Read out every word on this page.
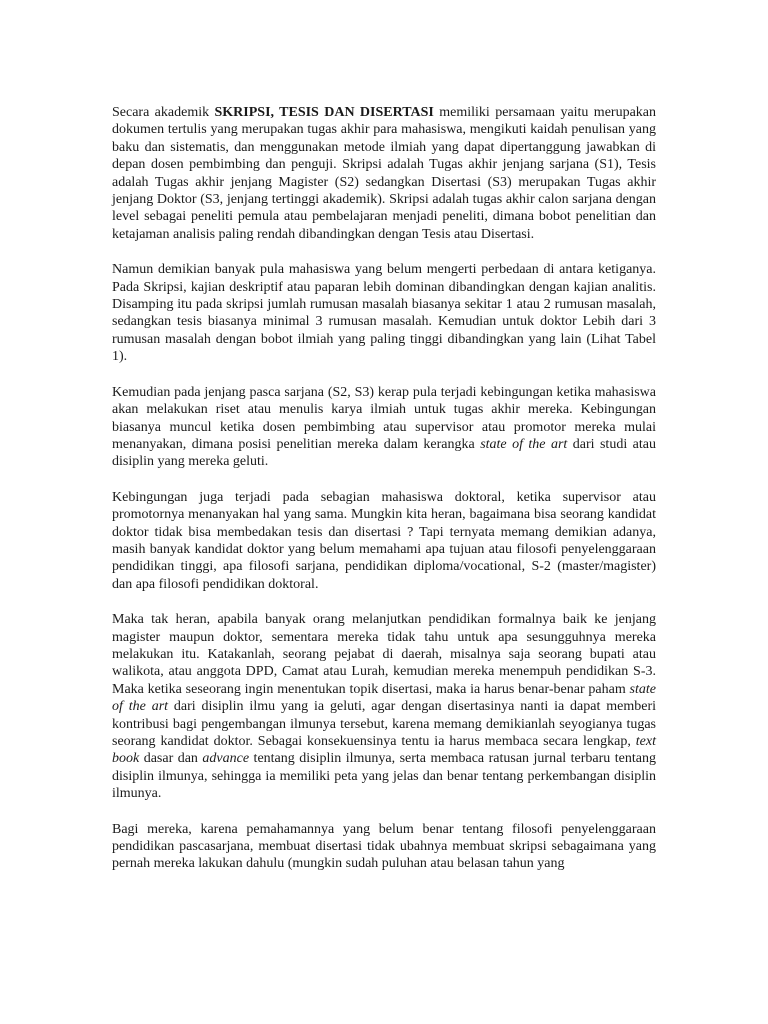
Secara akademik SKRIPSI, TESIS DAN DISERTASI memiliki persamaan yaitu merupakan dokumen tertulis yang merupakan tugas akhir para mahasiswa, mengikuti kaidah penulisan yang baku dan sistematis, dan menggunakan metode ilmiah yang dapat dipertanggung jawabkan di depan dosen pembimbing dan penguji. Skripsi adalah Tugas akhir jenjang sarjana (S1), Tesis adalah Tugas akhir jenjang Magister (S2) sedangkan Disertasi (S3) merupakan Tugas akhir jenjang Doktor (S3, jenjang tertinggi akademik). Skripsi adalah tugas akhir calon sarjana dengan level sebagai peneliti pemula atau pembelajaran menjadi peneliti, dimana bobot penelitian dan ketajaman analisis paling rendah dibandingkan dengan Tesis atau Disertasi.

Namun demikian banyak pula mahasiswa yang belum mengerti perbedaan di antara ketiganya. Pada Skripsi, kajian deskriptif atau paparan lebih dominan dibandingkan dengan kajian analitis. Disamping itu pada skripsi jumlah rumusan masalah biasanya sekitar 1 atau 2 rumusan masalah, sedangkan tesis biasanya minimal 3 rumusan masalah. Kemudian untuk doktor Lebih dari 3 rumusan masalah dengan bobot ilmiah yang paling tinggi dibandingkan yang lain (Lihat Tabel 1).

Kemudian pada jenjang pasca sarjana (S2, S3) kerap pula terjadi kebingungan ketika mahasiswa akan melakukan riset atau menulis karya ilmiah untuk tugas akhir mereka. Kebingungan biasanya muncul ketika dosen pembimbing atau supervisor atau promotor mereka mulai menanyakan, dimana posisi penelitian mereka dalam kerangka state of the art dari studi atau disiplin yang mereka geluti.

Kebingungan juga terjadi pada sebagian mahasiswa doktoral, ketika supervisor atau promotornya menanyakan hal yang sama. Mungkin kita heran, bagaimana bisa seorang kandidat doktor tidak bisa membedakan tesis dan disertasi ? Tapi ternyata memang demikian adanya, masih banyak kandidat doktor yang belum memahami apa tujuan atau filosofi penyelenggaraan pendidikan tinggi, apa filosofi sarjana, pendidikan diploma/vocational, S-2 (master/magister) dan apa filosofi pendidikan doktoral.

Maka tak heran, apabila banyak orang melanjutkan pendidikan formalnya baik ke jenjang magister maupun doktor, sementara mereka tidak tahu untuk apa sesungguhnya mereka melakukan itu. Katakanlah, seorang pejabat di daerah, misalnya saja seorang bupati atau walikota, atau anggota DPD, Camat atau Lurah, kemudian mereka menempuh pendidikan S-3. Maka ketika seseorang ingin menentukan topik disertasi, maka ia harus benar-benar paham state of the art dari disiplin ilmu yang ia geluti, agar dengan disertasinya nanti ia dapat memberi kontribusi bagi pengembangan ilmunya tersebut, karena memang demikianlah seyogianya tugas seorang kandidat doktor. Sebagai konsekuensinya tentu ia harus membaca secara lengkap, text book dasar dan advance tentang disiplin ilmunya, serta membaca ratusan jurnal terbaru tentang disiplin ilmunya, sehingga ia memiliki peta yang jelas dan benar tentang perkembangan disiplin ilmunya.

Bagi mereka, karena pemahamannya yang belum benar tentang filosofi penyelenggaraan pendidikan pascasarjana, membuat disertasi tidak ubahnya membuat skripsi sebagaimana yang pernah mereka lakukan dahulu (mungkin sudah puluhan atau belasan tahun yang
